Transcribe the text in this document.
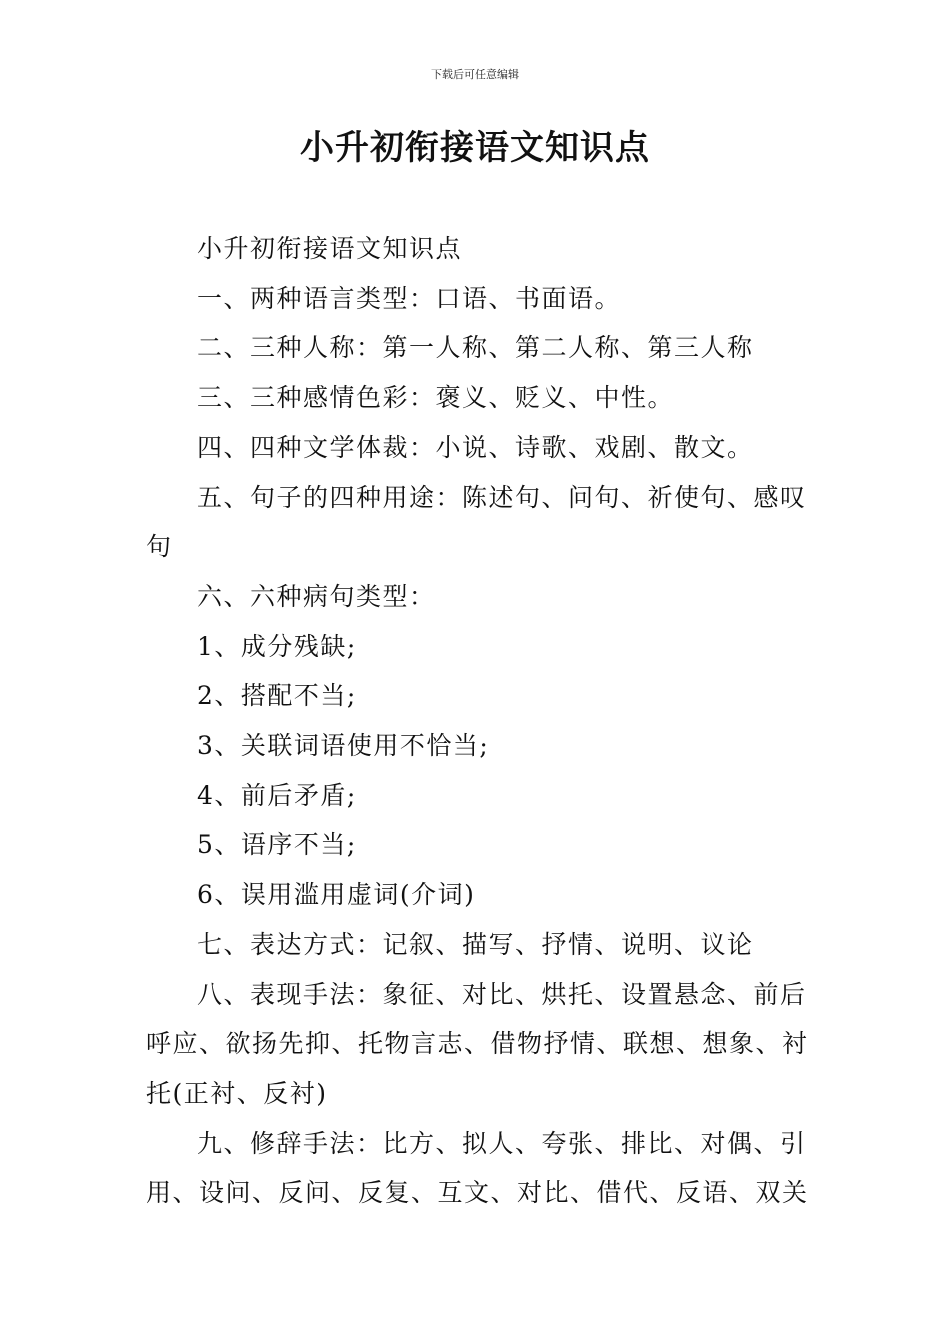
下载后可任意编辑
小升初衔接语文知识点

小升初衔接语文知识点

一、两种语言类型：口语、书面语。

二、三种人称：第一人称、第二人称、第三人称

三、三种感情色彩：褒义、贬义、中性。

四、四种文学体裁：小说、诗歌、戏剧、散文。

五、句子的四种用途：陈述句、问句、祈使句、感叹句

六、六种病句类型：

1、成分残缺;

2、搭配不当;

3、关联词语使用不恰当;

4、前后矛盾;

5、语序不当;

6、误用滥用虚词(介词)

七、表达方式：记叙、描写、抒情、说明、议论

八、表现手法：象征、对比、烘托、设置悬念、前后呼应、欲扬先抑、托物言志、借物抒情、联想、想象、衬托(正衬、反衬)

九、修辞手法：比方、拟人、夸张、排比、对偶、引用、设问、反问、反复、互文、对比、借代、反语、双关
